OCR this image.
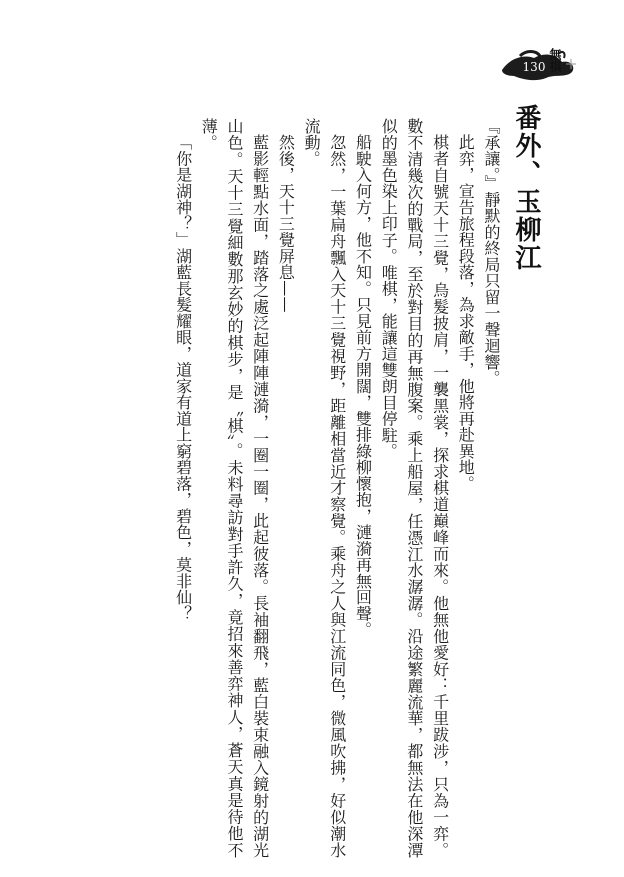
130 無棋
番外、玉柳江

『承讓。』靜默的終局只留一聲迴響。

此弈，宣告旅程段落，為求敵手，他將再赴異地。

棋者自號天十三覺，烏髮披肩，一襲黑裳，探求棋道巔峰而來。他無他愛好：千里跋涉，只為一弈。數不清幾次的戰局，至於對目的再無腹案。乘上船屋，任憑江水潺潺。沿途繁麗流華，都無法在他深潭似的墨色染上印子。唯棋，能讓這雙朗目停駐。

船駛入何方，他不知。只見前方開闊，雙排綠柳懷抱，漣漪再無回聲。

忽然，一葉扁舟飄入天十三覺視野，距離相當近才察覺。乘舟之人與江流同色，微風吹拂，好似潮水流動。

然後，天十三覺屏息——

藍影輕點水面，踏落之處泛起陣陣漣漪，一圈一圈，此起彼落。長袖翻飛，藍白裝束融入鏡射的湖光山色。天十三覺細數那玄妙的棋步，是〝棋〞。未料尋訪對手許久，竟招來善弈神人，蒼天真是待他不薄。

「你是湖神？」湖藍長髮耀眼，道家有道上窮碧落，碧色，莫非仙？
